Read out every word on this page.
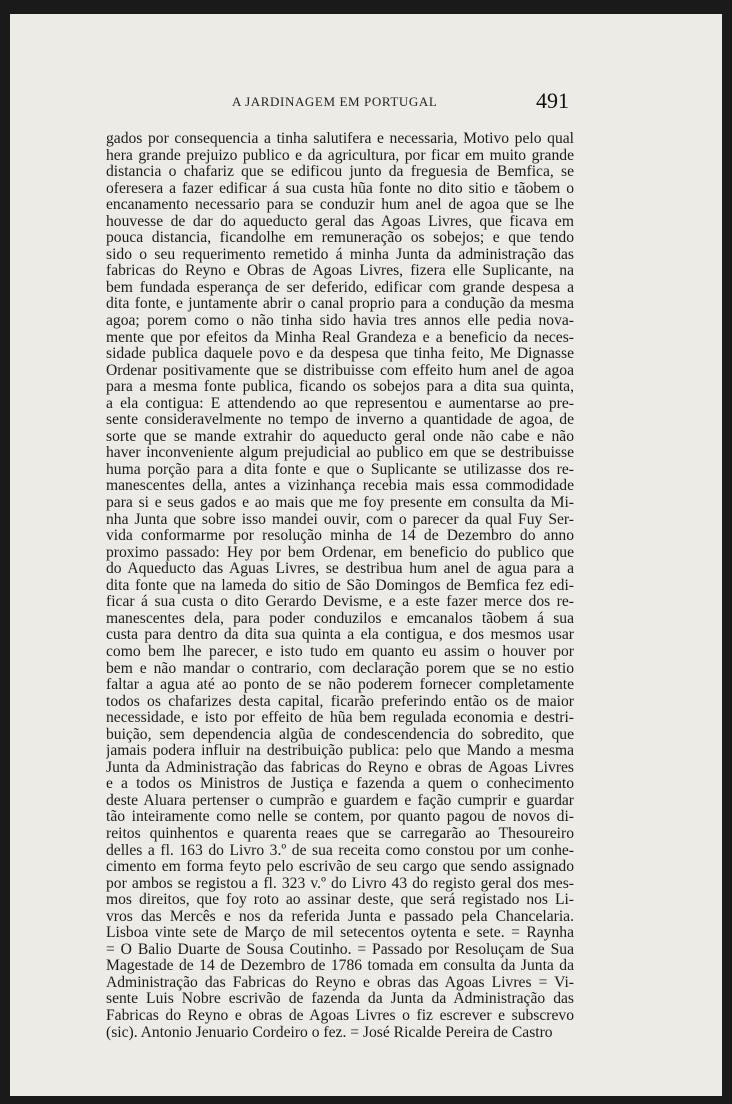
A JARDINAGEM EM PORTUGAL	491
gados por consequencia a tinha salutifera e necessaria, Motivo pelo qual
hera grande prejuizo publico e da agricultura, por ficar em muito grande
distancia o chafariz que se edificou junto da freguesia de Bemfica, se
oferesera a fazer edificar á sua custa hũa fonte no dito sitio e tãobem o
encanamento necessario para se conduzir hum anel de agoa que se lhe
houvesse de dar do aqueducto geral das Agoas Livres, que ficava em
pouca distancia, ficandolhe em remuneração os sobejos; e que tendo
sido o seu requerimento remetido á minha Junta da administração das
fabricas do Reyno e Obras de Agoas Livres, fizera elle Suplicante, na
bem fundada esperança de ser deferido, edificar com grande despesa a
dita fonte, e juntamente abrir o canal proprio para a condução da mesma
agoa; porem como o não tinha sido havia tres annos elle pedia nova-
mente que por efeitos da Minha Real Grandeza e a beneficio da neces-
sidade publica daquele povo e da despesa que tinha feito, Me Dignasse
Ordenar positivamente que se distribuisse com effeito hum anel de agoa
para a mesma fonte publica, ficando os sobejos para a dita sua quinta,
a ela contigua: E attendendo ao que representou e aumentarse ao pre-
sente consideravelmente no tempo de inverno a quantidade de agoa, de
sorte que se mande extrahir do aqueducto geral onde não cabe e não
haver inconveniente algum prejudicial ao publico em que se destribuisse
huma porção para a dita fonte e que o Suplicante se utilizasse dos re-
manescentes della, antes a vizinhança recebia mais essa commodidade
para si e seus gados e ao mais que me foy presente em consulta da Mi-
nha Junta que sobre isso mandei ouvir, com o parecer da qual Fuy Ser-
vida conformarme por resolução minha de 14 de Dezembro do anno
proximo passado: Hey por bem Ordenar, em beneficio do publico que
do Aqueducto das Aguas Livres, se destribua hum anel de agua para a
dita fonte que na lameda do sitio de São Domingos de Bemfica fez edi-
ficar á sua custa o dito Gerardo Devisme, e a este fazer merce dos re-
manescentes dela, para poder conduzilos e emcanalos tãobem á sua
custa para dentro da dita sua quinta a ela contigua, e dos mesmos usar
como bem lhe parecer, e isto tudo em quanto eu assim o houver por
bem e não mandar o contrario, com declaração porem que se no estio
faltar a agua até ao ponto de se não poderem fornecer completamente
todos os chafarizes desta capital, ficarão preferindo então os de maior
necessidade, e isto por effeito de hũa bem regulada economia e destri-
buição, sem dependencia algũa de condescendencia do sobredito, que
jamais podera influir na destribuição publica: pelo que Mando a mesma
Junta da Administração das fabricas do Reyno e obras de Agoas Livres
e a todos os Ministros de Justiça e fazenda a quem o conhecimento
deste Aluara pertenser o cumprão e guardem e fação cumprir e guardar
tão inteiramente como nelle se contem, por quanto pagou de novos di-
reitos quinhentos e quarenta reaes que se carregarão ao Thesoureiro
delles a fl. 163 do Livro 3.º de sua receita como constou por um conhe-
cimento em forma feyto pelo escrivão de seu cargo que sendo assignado
por ambos se registou a fl. 323 v.º do Livro 43 do registo geral dos mes-
mos direitos, que foy roto ao assinar deste, que será registado nos Li-
vros das Mercês e nos da referida Junta e passado pela Chancelaria.
Lisboa vinte sete de Março de mil setecentos oytenta e sete. = Raynha
= O Balio Duarte de Sousa Coutinho. = Passado por Resoluçam de Sua
Magestade de 14 de Dezembro de 1786 tomada em consulta da Junta da
Administração das Fabricas do Reyno e obras das Agoas Livres = Vi-
sente Luis Nobre escrivão de fazenda da Junta da Administração das
Fabricas do Reyno e obras de Agoas Livres o fiz escrever e subscrevo
(sic). Antonio Jenuario Cordeiro o fez. = José Ricalde Pereira de Castro
